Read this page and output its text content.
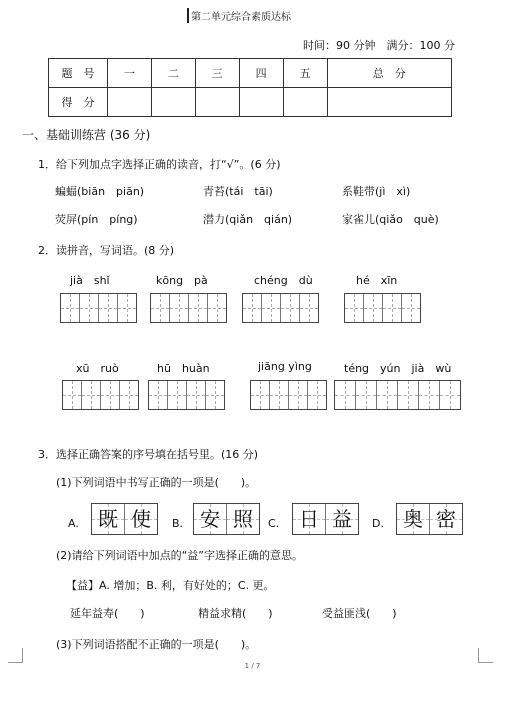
第二单元综合素质达标
时间：90 分钟　满分：100 分
题　号	一	二	三	四	五	总　分
得　分						
一、基础训练营 (36 分)
1．给下列加点字选择正确的读音，打“√”。(6 分)
蝙蝠(biān　piān)	青苔(tái　tāi)	系鞋带(jì　xì)
荧屏(pín　píng)	潜力(qiǎn　qián)	家雀儿(qiǎo　què)
2．读拼音，写词语。(8 分)
jià　shǐ	kōng　pà	chéng　dù	hé　xīn
xū　ruò	hū　huàn	jiāng yìng	téng　yún　jià　wù
3．选择正确答案的序号填在括号里。(16 分)
(1)下列词语中书写正确的一项是(　　)。
A. 既 使	B. 安 照	C. 日 益	D. 奥 密
(2)请给下列词语中加点的“益”字选择正确的意思。
【益】A. 增加；B. 利，有好处的；C. 更。
延年益寿(　　)	精益求精(　　)	受益匪浅(　　)
(3)下列词语搭配不正确的一项是(　　)。
1 / 7
